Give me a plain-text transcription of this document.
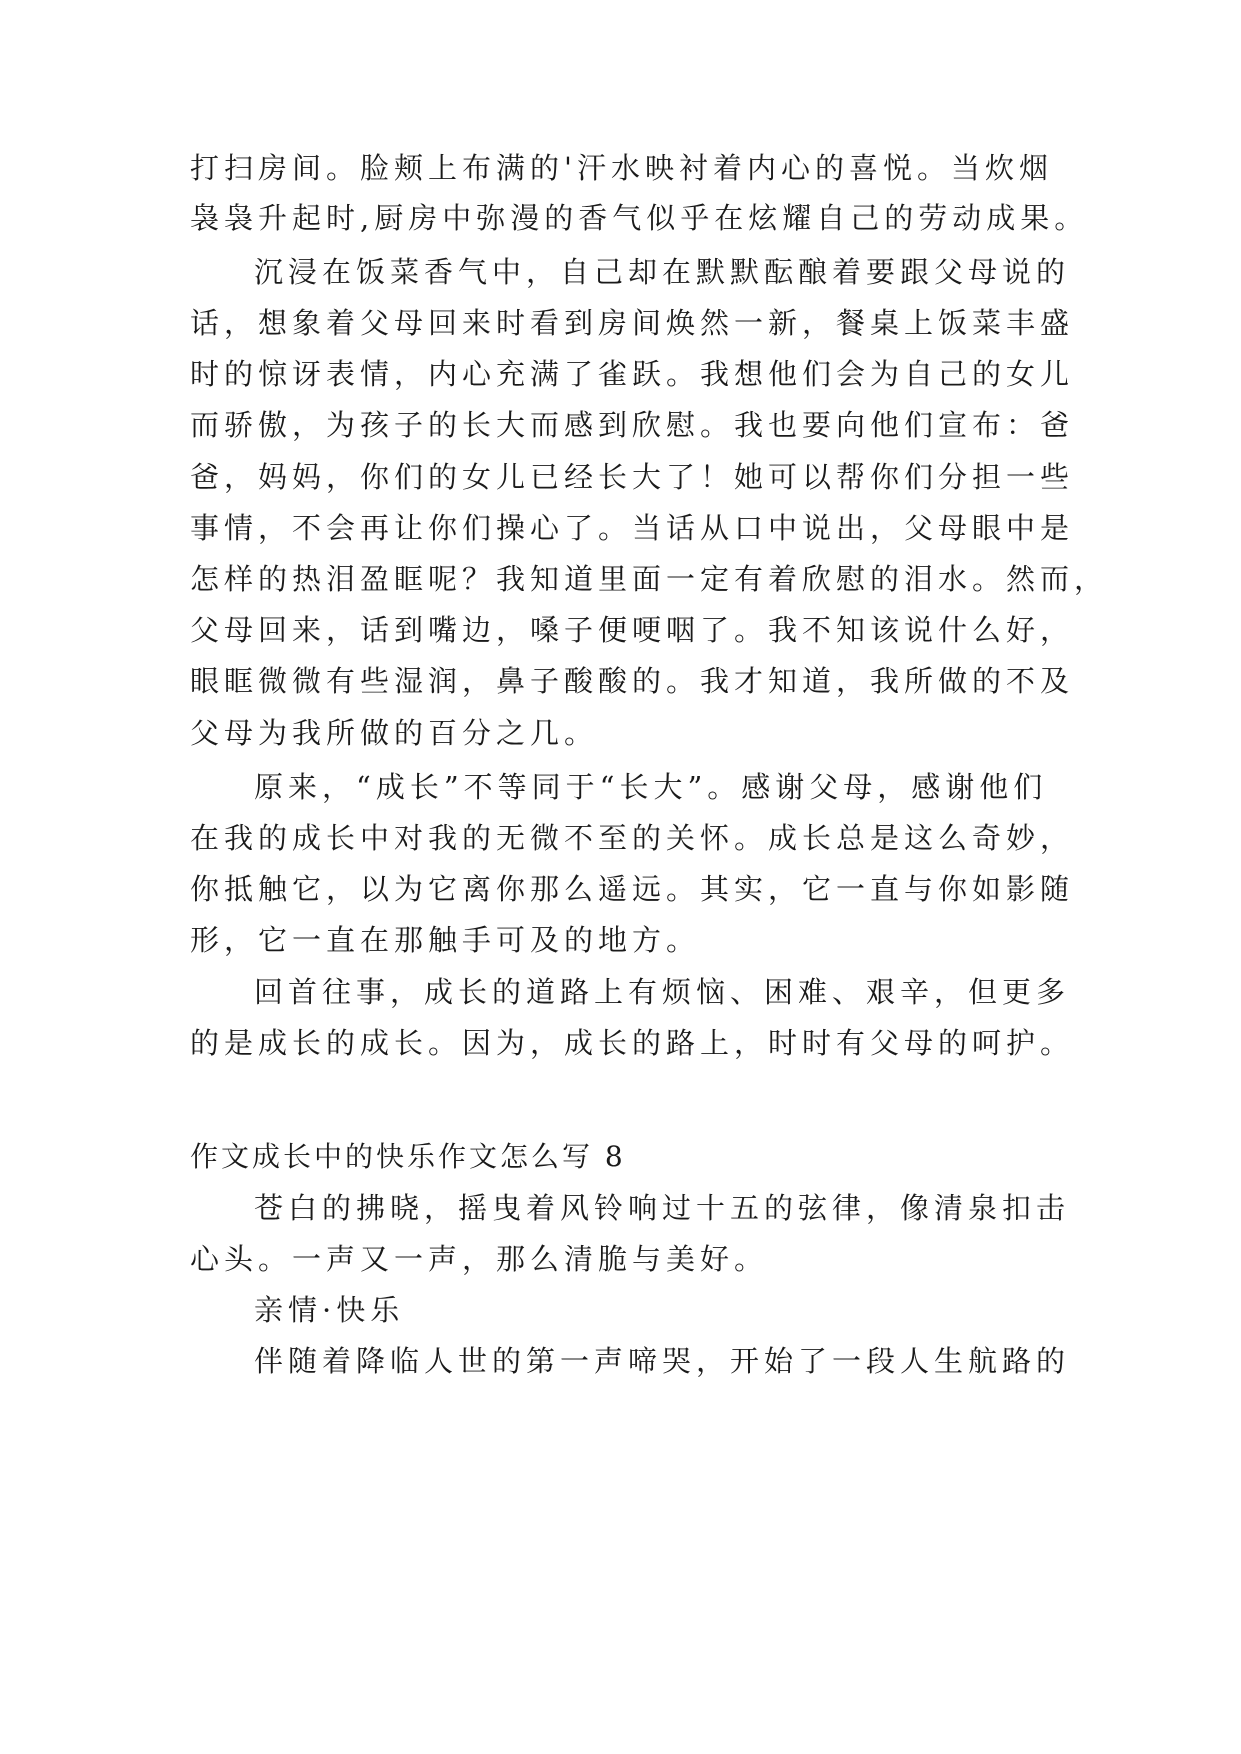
打扫房间。脸颊上布满的'汗水映衬着内心的喜悦。当炊烟
袅袅升起时,厨房中弥漫的香气似乎在炫耀自己的劳动成果。
沉浸在饭菜香气中，自己却在默默酝酿着要跟父母说的
话，想象着父母回来时看到房间焕然一新，餐桌上饭菜丰盛
时的惊讶表情，内心充满了雀跃。我想他们会为自己的女儿
而骄傲，为孩子的长大而感到欣慰。我也要向他们宣布：爸
爸，妈妈，你们的女儿已经长大了！她可以帮你们分担一些
事情，不会再让你们操心了。当话从口中说出，父母眼中是
怎样的热泪盈眶呢？我知道里面一定有着欣慰的泪水。然而，
父母回来，话到嘴边，嗓子便哽咽了。我不知该说什么好，
眼眶微微有些湿润，鼻子酸酸的。我才知道，我所做的不及
父母为我所做的百分之几。
原来，“成长”不等同于“长大”。感谢父母，感谢他们
在我的成长中对我的无微不至的关怀。成长总是这么奇妙，
你抵触它，以为它离你那么遥远。其实，它一直与你如影随
形，它一直在那触手可及的地方。
回首往事，成长的道路上有烦恼、困难、艰辛，但更多
的是成长的成长。因为，成长的路上，时时有父母的呵护。
作文成长中的快乐作文怎么写 8
苍白的拂晓，摇曳着风铃响过十五的弦律，像清泉扣击
心头。一声又一声，那么清脆与美好。
亲情·快乐
伴随着降临人世的第一声啼哭，开始了一段人生航路的
